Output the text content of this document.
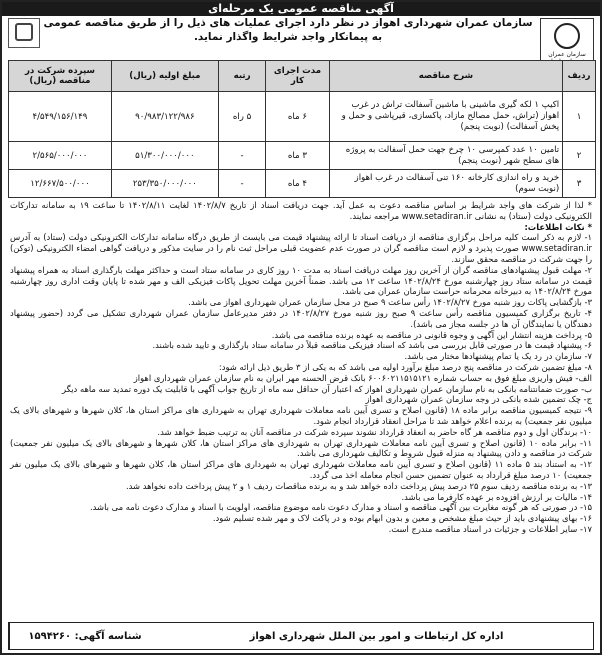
آگهی مناقصه عمومی یک مرحله‌ای
سازمان عمران
سازمان عمران شهرداری اهواز در نظر دارد اجرای عملیات های ذیل را از طریق مناقصه عمومی به پیمانکار واجد شرایط واگذار نماید.
ردیف	شرح مناقصه	مدت اجرای کار	رتبه	مبلغ اولیه (ریال)	سپرده شرکت در مناقصه (ریال)
۱	اکیپ ۱ لکه گیری ماشینی با ماشین آسفالت تراش در غرب اهواز (تراش، حمل مصالح مازاد، پاکسازی، قیرپاشی و حمل و پخش آسفالت) (نوبت پنجم)	۶ ماه	۵ راه	۹۰/۹۸۳/۱۲۲/۹۸۶	۴/۵۴۹/۱۵۶/۱۴۹
۲	تامین ۱۰ عدد کمپرسی ۱۰ چرخ جهت حمل آسفالت به پروژه های سطح شهر (نوبت پنجم)	۳ ماه	-	۵۱/۳۰۰/۰۰۰/۰۰۰	۲/۵۶۵/۰۰۰/۰۰۰
۳	خرید و راه اندازی کارخانه ۱۶۰ تنی آسفالت در غرب اهواز (نوبت سوم)	۴ ماه	-	۲۵۳/۳۵۰/۰۰۰/۰۰۰	۱۲/۶۶۷/۵۰۰/۰۰۰

* لذا از شرکت های واجد شرایط بر اساس مناقصه دعوت به عمل آید. جهت دریافت اسناد از تاریخ ۱۴۰۲/۸/۷ لغایت ۱۴۰۲/۸/۱۱ تا ساعت ۱۹ به سامانه تدارکات الکترونیکی دولت (ستاد) به نشانی www.setadiran.ir مراجعه نمایند.

* نکات اطلاعات:

۱- لازم به ذکر است کلیه مراحل برگزاری مناقصه از دریافت اسناد تا ارائه پیشنهاد قیمت می بایست از طریق درگاه سامانه تدارکات الکترونیکی دولت (ستاد) به آدرس www.setadiran.ir صورت پذیرد و لازم است مناقصه گران در صورت عدم عضویت قبلی مراحل ثبت نام را در سایت مذکور و دریافت گواهی امضاء الکترونیکی (توکن) را جهت شرکت در مناقصه محقق سازند.

۲- مهلت قبول پیشنهادهای مناقصه گران از آخرین روز مهلت دریافت اسناد به مدت ۱۰ روز کاری در سامانه ستاد است و حداکثر مهلت بارگذاری اسناد به همراه پیشنهاد قیمت در سامانه ستاد روز چهارشنبه مورخ ۱۴۰۲/۸/۲۴ ساعت ۱۲ می باشد. ضمناً آخرین مهلت تحویل پاکات فیزیکی الف و مهر شده تا پایان وقت اداری روز چهارشنبه مورخ ۱۴۰۲/۸/۲۴ به دبیرخانه محرمانه حراست سازمان عمران می باشد.

۳- بازگشایی پاکات روز شنبه مورخ ۱۴۰۲/۸/۲۷ رأس ساعت ۹ صبح در محل سازمان عمران شهرداری اهواز می باشد.

۴- تاریخ برگزاری کمیسیون مناقصه رأس ساعت ۹ صبح روز شنبه مورخ ۱۴۰۲/۸/۲۷ در دفتر مدیرعامل سازمان عمران شهرداری تشکیل می گردد (حضور پیشنهاد دهندگان یا نمایندگان آن ها در جلسه مجاز می باشد).

۵- پرداخت هزینه انتشار این آگهی و وجوه قانونی در مناقصه به عهده برنده مناقصه می باشد.

۶- پیشنهاد قیمت ها در صورتی قابل بررسی می باشد که اسناد فیزیکی مناقصه قبلاً در سامانه ستاد بارگذاری و تایید شده باشند.

۷- سازمان در رد یک یا تمام پیشنهادها مختار می باشد.

۸- مبلغ تضمین شرکت در مناقصه پنج درصد مبلغ برآورد اولیه می باشد که به یکی از ۳ طریق ذیل ارائه شود:

الف- فیش واریزی مبلغ فوق به حساب شماره ۶۰۰۶۰۲۱۱۵۱۵۱۲۱ بانک قرض الحسنه مهر ایران به نام سازمان عمران شهرداری اهواز

ب- صورت ضمانتنامه بانکی به نام سازمان عمران شهرداری اهواز که اعتبار آن حداقل سه ماه از تاریخ جواب آگهی با قابلیت یک دوره تمدید سه ماهه دیگر

ج- چک تضمین شده بانکی در وجه سازمان عمران شهرداری اهواز

۹- نتیجه کمیسیون مناقصه برابر ماده ۱۸ (قانون اصلاح و تسری آیین نامه معاملات شهرداری تهران به شهرداری های مراکز استان ها، کلان شهرها و شهرهای بالای یک میلیون نفر جمعیت) به برنده اعلام خواهد شد تا مراحل انعقاد قرارداد انجام شود.

۱۰- برندگان اول و دوم مناقصه هر گاه حاضر به انعقاد قرارداد نشوند سپرده شرکت در مناقصه آنان به ترتیب ضبط خواهد شد.

۱۱- برابر ماده ۱۰ (قانون اصلاح و تسری آیین نامه معاملات شهرداری تهران به شهرداری های مراکز استان ها، کلان شهرها و شهرهای بالای یک میلیون نفر جمعیت) شرکت در مناقصه و دادن پیشنهاد به منزله قبول شروط و تکالیف شهرداری می باشد.

۱۲- به استناد بند ۵ ماده ۱۱ (قانون اصلاح و تسری آیین نامه معاملات شهرداری تهران به شهرداری های مراکز استان ها، کلان شهرها و شهرهای بالای یک میلیون نفر جمعیت) ۱۰ درصد مبلغ قرارداد به عنوان تضمین حسن انجام معامله اخذ می گردد.

۱۳- به برنده مناقصه ردیف سوم ۲۵ درصد پیش پرداخت داده خواهد شد و به برنده مناقصات ردیف ۱ و ۲ پیش پرداخت داده نخواهد شد.

۱۴- مالیات بر ارزش افزوده بر عهده کارفرما می باشد.

۱۵- در صورتی که هر گونه مغایرت بین آگهی مناقصه و اسناد و مدارک دعوت نامه موضوع مناقصه، اولویت با اسناد و مدارک دعوت نامه می باشد.

۱۶- بهای پیشنهادی باید از حیث مبلغ مشخص و معین و بدون ابهام بوده و در پاکت لاک و مهر شده تسلیم شود.

۱۷- سایر اطلاعات و جزئیات در اسناد مناقصه مندرج است.

اداره کل ارتباطات و امور بین الملل شهرداری اهواز
شناسه آگهی: ۱۵۹۴۲۶۰
